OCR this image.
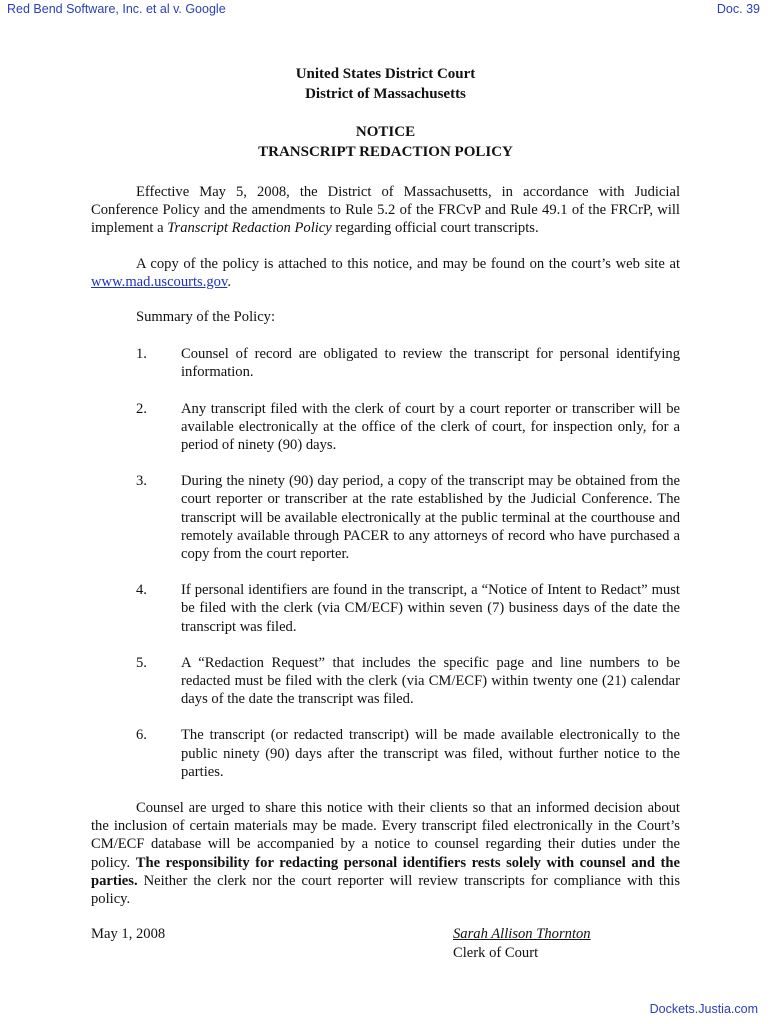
Red Bend Software, Inc. et al v. Google	Doc. 39
United States District Court
District of Massachusetts
NOTICE
TRANSCRIPT REDACTION POLICY

Effective May 5, 2008, the District of Massachusetts, in accordance with Judicial Conference Policy and the amendments to Rule 5.2 of the FRCvP and Rule 49.1 of the FRCrP, will implement a Transcript Redaction Policy regarding official court transcripts.

A copy of the policy is attached to this notice, and may be found on the court’s web site at www.mad.uscourts.gov.

Summary of the Policy:

1. Counsel of record are obligated to review the transcript for personal identifying information.
2. Any transcript filed with the clerk of court by a court reporter or transcriber will be available electronically at the office of the clerk of court, for inspection only, for a period of ninety (90) days.
3. During the ninety (90) day period, a copy of the transcript may be obtained from the court reporter or transcriber at the rate established by the Judicial Conference. The transcript will be available electronically at the public terminal at the courthouse and remotely available through PACER to any attorneys of record who have purchased a copy from the court reporter.
4. If personal identifiers are found in the transcript, a “Notice of Intent to Redact” must be filed with the clerk (via CM/ECF) within seven (7) business days of the date the transcript was filed.
5. A “Redaction Request” that includes the specific page and line numbers to be redacted must be filed with the clerk (via CM/ECF) within twenty one (21) calendar days of the date the transcript was filed.
6. The transcript (or redacted transcript) will be made available electronically to the public ninety (90) days after the transcript was filed, without further notice to the parties.

Counsel are urged to share this notice with their clients so that an informed decision about the inclusion of certain materials may be made. Every transcript filed electronically in the Court’s CM/ECF database will be accompanied by a notice to counsel regarding their duties under the policy. The responsibility for redacting personal identifiers rests solely with counsel and the parties. Neither the clerk nor the court reporter will review transcripts for compliance with this policy.

May 1, 2008	Sarah Allison Thornton
Clerk of Court
Dockets.Justia.com
